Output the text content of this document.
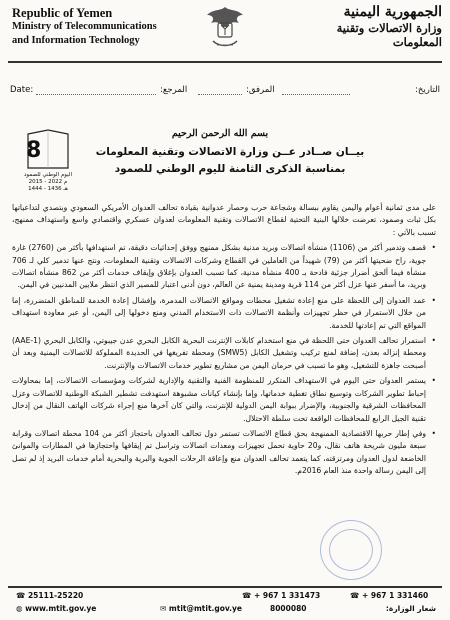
Republic of Yemen
Ministry of Telecommunications
and Information Technology
الجمهورية اليمنية
وزارة الاتصالات وتقنية المعلومات
Date:	المرجع:	المرفق:	التاريخ:
8
اليوم الوطني للصمود
2015 - 2022 م
1444 - 1436 هـ
بسم الله الرحمن الرحيم
بيــان صــادر عــن وزارة الاتصالات وتقنية المعلومات
بمناسبة الذكرى الثامنة لليوم الوطني للصمود

على مدى ثمانية أعوام واليمن يقاوم ببسالة وشجاعة حرب وحصار عدوانية بقيادة تحالف العدوان الأمريكي السعودي وبتصدي لتداعياتها بكل ثبات وصمود، تعرضت خلالها البنية التحتية لقطاع الاتصالات وتقنية المعلومات لعدوان عسكري واقتصادي واسع واستهداف ممنهج، تسبب بالآتي :

• قصف وتدمير أكثر من (1106) منشأة اتصالات وبريد مدنية بشكل ممنهج ووفق إحداثيات دقيقة، تم استهدافها بأكثر من (2760) غارة جوية، راح ضحيتها أكثر من (79) شهيداً من العاملين في القطاع وشركات الاتصالات وتقنية المعلومات، ونتج عنها تدمير كلي لـ 706 منشأة فيما ألحق أضرار جزئية فادحة بـ 400 منشأة مدنية، كما تسبب العدوان بإغلاق وإيقاف خدمات أكثر من 862 منشأة اتصالات وبريد، ما أسفر عنها عزل أكثر من 114 قرية ومدينة يمنية عن العالم، دون أدنى اعتبار للمصير الذي انتظر ملايين المدنيين في اليمن.

• عمد العدوان إلى اللحظة على منع إعادة تشغيل محطات ومواقع الاتصالات المدمرة، وإفشال إعادة الخدمة للمناطق المتضررة، إما من خلال الاستمرار في حظر تجهيزات وأنظمة الاتصالات ذات الاستخدام المدني ومنع دخولها إلى اليمن، أو عبر معاودة استهداف المواقع التي تم إعادتها للخدمة.

• استمرار تحالف العدوان حتى اللحظة في منع استخدام كابلات الإنترنت البحرية الكابل البحري عدن جيبوتي، والكابل البحري (AAE-1) ومحطة إنزاله بعدن، إضافة لمنع تركيب وتشغيل الكابل (SMW5) ومحطة تفريغها في الحديدة المملوكة للاتصالات اليمنية وبعد أن أصبحت جاهزة للتشغيل، وهو ما تسبب في حرمان اليمن من مشاريع تطوير خدمات الاتصالات والإنترنت.

• يستمر العدوان حتى اليوم في الاستهداف المتكرر للمنظومة الفنية والتقنية والإدارية لشركات ومؤسسات الاتصالات، إما بمحاولات إحباط تطوير الشركات وتوسيع نطاق تغطية خدماتها، وإما بإنشاء كيانات مشبوهة استهدفت تشطير الشبكة الوطنية للاتصالات وعزل المحافظات الشرقية والجنوبية، والإضرار ببوابة اليمن الدولية للإنترنت، والتي كان آخرها منع إجراء شركات الهاتف النقال من إدخال تقنية الجيل الرابع للمحافظات الواقعة تحت سلطة الاحتلال.

• وفي إطار حربها الاقتصادية الممنهجة بحق قطاع الاتصالات تستمر دول تحالف العدوان باحتجاز أكثر من 104 محطة اتصالات وقرابة سبعة مليون شريحة هاتف نقال، و20 حاوية تحمل تجهيزات ومعدات اتصالات وتراسل تم إيقافها واحتجازها في المطارات والموانئ الخاضعة لدول العدوان ومرتزقته، كما يتعمد تحالف العدوان منع وإعاقة الرحلات الجوية والبرية والبحرية أمام خدمات البريد إذ لم تصل إلى اليمن رسالة واحدة منذ العام 2016م.

☎ 25111-25220
◍ www.mtit.gov.ye	✉ mtit@mtit.gov.ye
☎ + 967 1 331473	☎ + 967 1 331460
8000080	شعار الوزارة:
